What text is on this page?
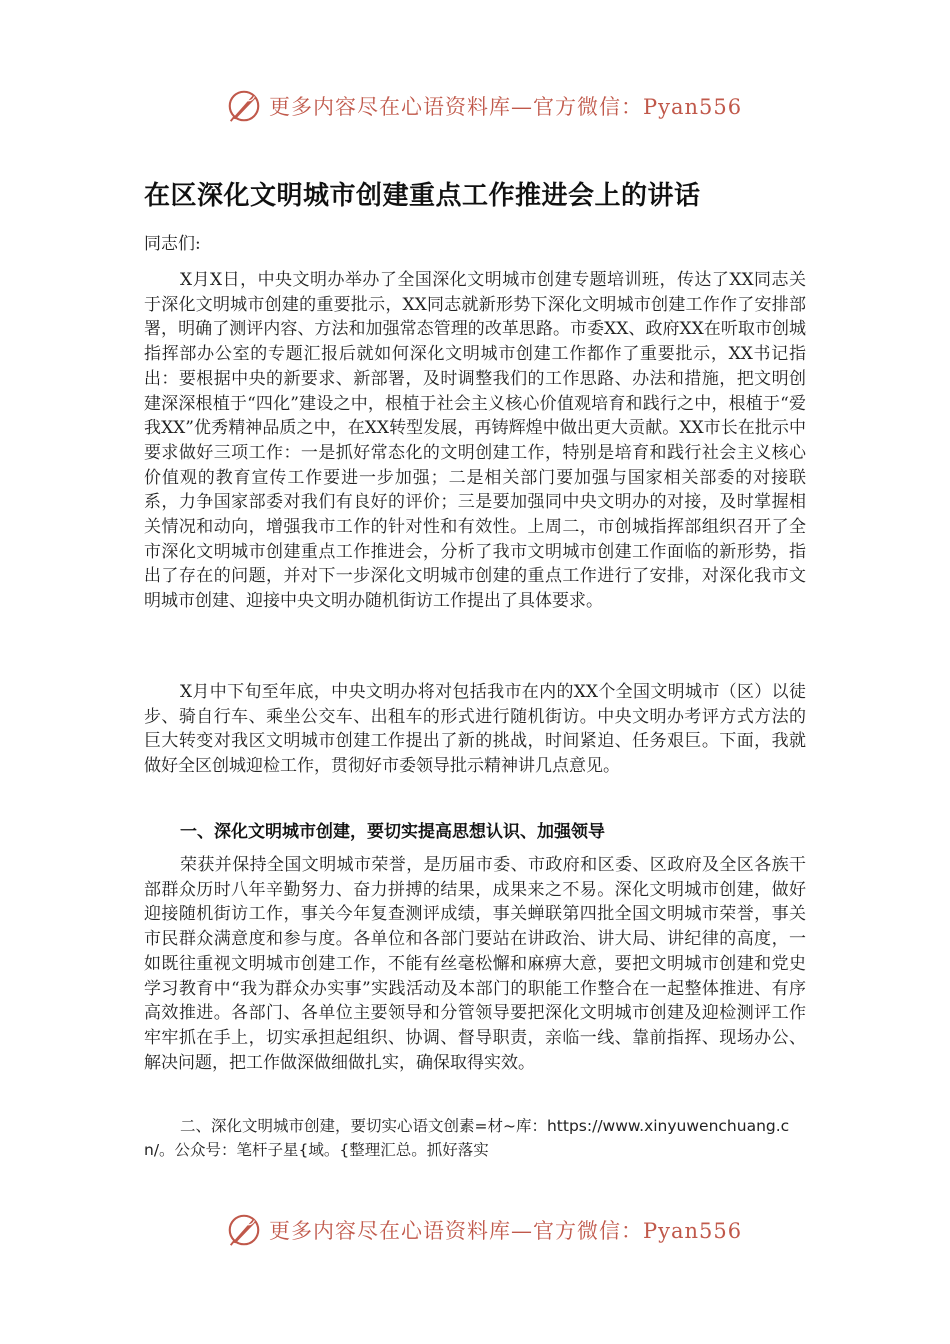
更多内容尽在心语资料库—官方微信：Pyan556
在区深化文明城市创建重点工作推进会上的讲话
同志们:
X月X日，中央文明办举办了全国深化文明城市创建专题培训班，传达了XX同志关于深化文明城市创建的重要批示，XX同志就新形势下深化文明城市创建工作作了安排部署，明确了测评内容、方法和加强常态管理的改革思路。市委XX、政府XX在听取市创城指挥部办公室的专题汇报后就如何深化文明城市创建工作都作了重要批示，XX书记指出：要根据中央的新要求、新部署，及时调整我们的工作思路、办法和措施，把文明创建深深根植于“四化”建设之中，根植于社会主义核心价值观培育和践行之中，根植于“爱我XX”优秀精神品质之中，在XX转型发展，再铸辉煌中做出更大贡献。XX市长在批示中要求做好三项工作：一是抓好常态化的文明创建工作，特别是培育和践行社会主义核心价值观的教育宣传工作要进一步加强；二是相关部门要加强与国家相关部委的对接联系，力争国家部委对我们有良好的评价；三是要加强同中央文明办的对接，及时掌握相关情况和动向，增强我市工作的针对性和有效性。上周二，市创城指挥部组织召开了全市深化文明城市创建重点工作推进会，分析了我市文明城市创建工作面临的新形势，指出了存在的问题，并对下一步深化文明城市创建的重点工作进行了安排，对深化我市文明城市创建、迎接中央文明办随机街访工作提出了具体要求。
X月中下旬至年底，中央文明办将对包括我市在内的XX个全国文明城市（区）以徒步、骑自行车、乘坐公交车、出租车的形式进行随机街访。中央文明办考评方式方法的巨大转变对我区文明城市创建工作提出了新的挑战，时间紧迫、任务艰巨。下面，我就做好全区创城迎检工作，贯彻好市委领导批示精神讲几点意见。
一、深化文明城市创建，要切实提高思想认识、加强领导
荣获并保持全国文明城市荣誉，是历届市委、市政府和区委、区政府及全区各族干部群众历时八年辛勤努力、奋力拼搏的结果，成果来之不易。深化文明城市创建，做好迎接随机街访工作，事关今年复查测评成绩，事关蝉联第四批全国文明城市荣誉，事关市民群众满意度和参与度。各单位和各部门要站在讲政治、讲大局、讲纪律的高度，一如既往重视文明城市创建工作，不能有丝毫松懈和麻痹大意，要把文明城市创建和党史学习教育中“我为群众办实事”实践活动及本部门的职能工作整合在一起整体推进、有序高效推进。各部门、各单位主要领导和分管领导要把深化文明城市创建及迎检测评工作牢牢抓在手上，切实承担起组织、协调、督导职责，亲临一线、靠前指挥、现场办公、解决问题，把工作做深做细做扎实，确保取得实效。
二、深化文明城市创建，要切实心语文创素=材~库：https://www.xinyuwenchuang.cn/。公众号：笔杆子星{域。{整理汇总。抓好落实
更多内容尽在心语资料库—官方微信：Pyan556
